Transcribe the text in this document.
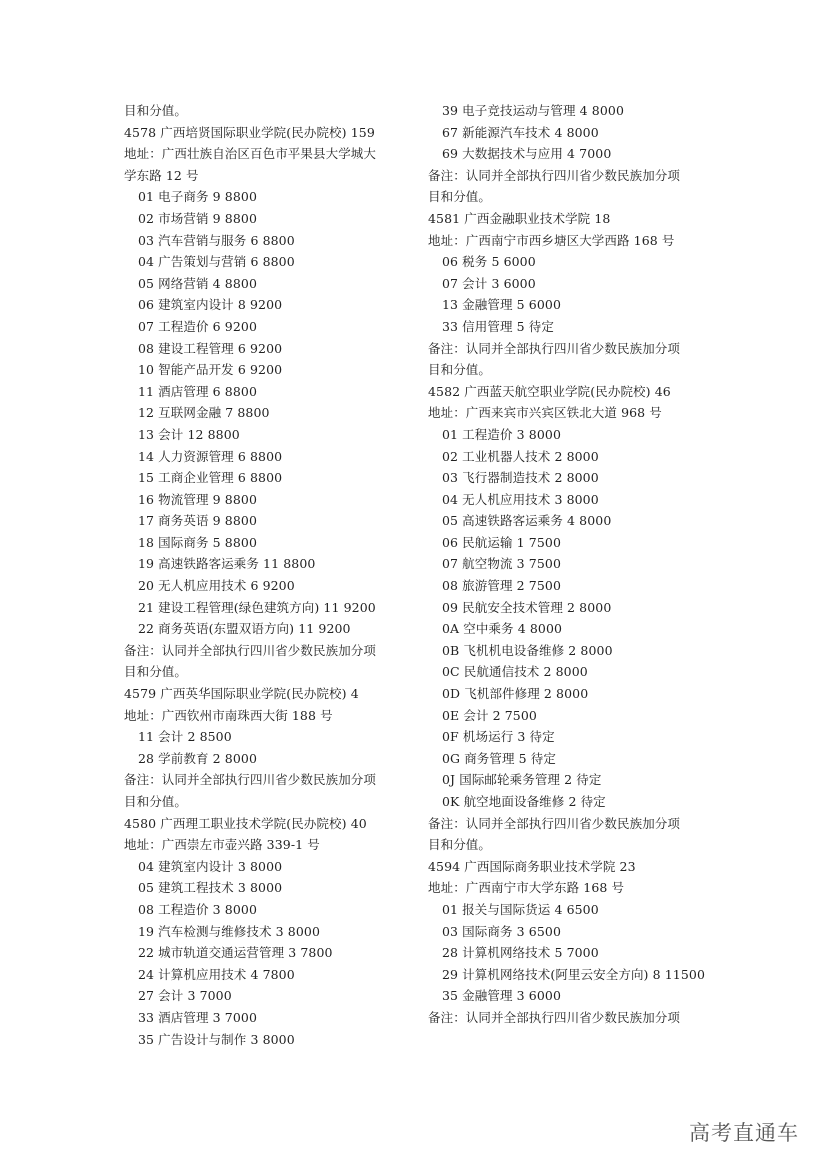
目和分值。
4578 广西培贤国际职业学院(民办院校) 159
地址：广西壮族自治区百色市平果县大学城大
学东路 12 号
01 电子商务 9 8800
02 市场营销 9 8800
03 汽车营销与服务 6 8800
04 广告策划与营销 6 8800
05 网络营销 4 8800
06 建筑室内设计 8 9200
07 工程造价 6 9200
08 建设工程管理 6 9200
10 智能产品开发 6 9200
11 酒店管理 6 8800
12 互联网金融 7 8800
13 会计 12 8800
14 人力资源管理 6 8800
15 工商企业管理 6 8800
16 物流管理 9 8800
17 商务英语 9 8800
18 国际商务 5 8800
19 高速铁路客运乘务 11 8800
20 无人机应用技术 6 9200
21 建设工程管理(绿色建筑方向) 11 9200
22 商务英语(东盟双语方向) 11 9200
备注：认同并全部执行四川省少数民族加分项
目和分值。
4579 广西英华国际职业学院(民办院校) 4
地址：广西钦州市南珠西大街 188 号
11 会计 2 8500
28 学前教育 2 8000
备注：认同并全部执行四川省少数民族加分项
目和分值。
4580 广西理工职业技术学院(民办院校) 40
地址：广西崇左市壶兴路 339-1 号
04 建筑室内设计 3 8000
05 建筑工程技术 3 8000
08 工程造价 3 8000
19 汽车检测与维修技术 3 8000
22 城市轨道交通运营管理 3 7800
24 计算机应用技术 4 7800
27 会计 3 7000
33 酒店管理 3 7000
35 广告设计与制作 3 8000
39 电子竞技运动与管理 4 8000
67 新能源汽车技术 4 8000
69 大数据技术与应用 4 7000
备注：认同并全部执行四川省少数民族加分项
目和分值。
4581 广西金融职业技术学院 18
地址：广西南宁市西乡塘区大学西路 168 号
06 税务 5 6000
07 会计 3 6000
13 金融管理 5 6000
33 信用管理 5 待定
备注：认同并全部执行四川省少数民族加分项
目和分值。
4582 广西蓝天航空职业学院(民办院校) 46
地址：广西来宾市兴宾区铁北大道 968 号
01 工程造价 3 8000
02 工业机器人技术 2 8000
03 飞行器制造技术 2 8000
04 无人机应用技术 3 8000
05 高速铁路客运乘务 4 8000
06 民航运输 1 7500
07 航空物流 3 7500
08 旅游管理 2 7500
09 民航安全技术管理 2 8000
0A 空中乘务 4 8000
0B 飞机机电设备维修 2 8000
0C 民航通信技术 2 8000
0D 飞机部件修理 2 8000
0E 会计 2 7500
0F 机场运行 3 待定
0G 商务管理 5 待定
0J 国际邮轮乘务管理 2 待定
0K 航空地面设备维修 2 待定
备注：认同并全部执行四川省少数民族加分项
目和分值。
4594 广西国际商务职业技术学院 23
地址：广西南宁市大学东路 168 号
01 报关与国际货运 4 6500
03 国际商务 3 6500
28 计算机网络技术 5 7000
29 计算机网络技术(阿里云安全方向) 8 11500
35 金融管理 3 6000
备注：认同并全部执行四川省少数民族加分项
高考直通车
